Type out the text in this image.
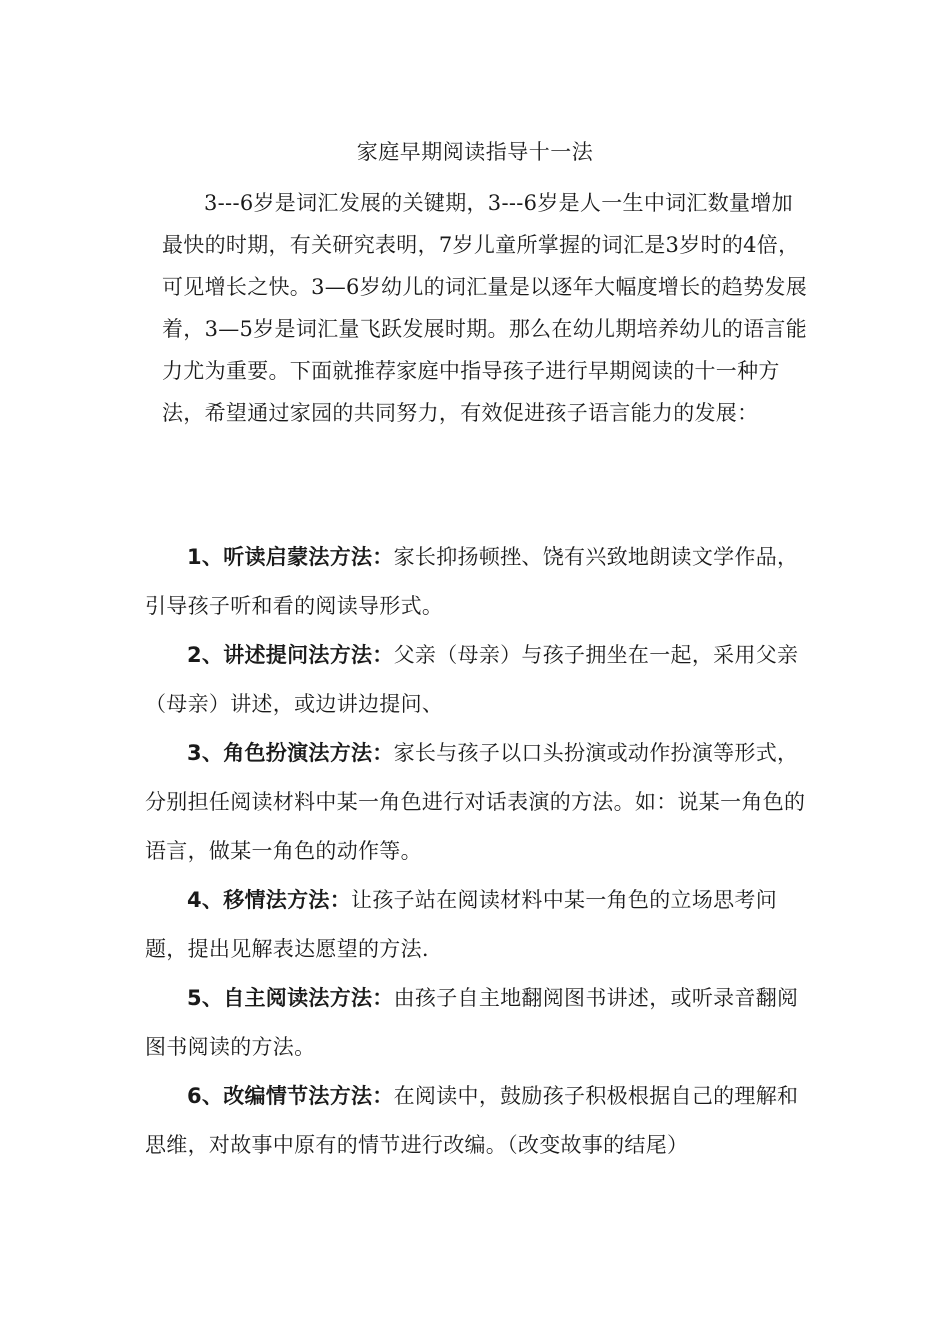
家庭早期阅读指导十一法
3---6岁是词汇发展的关键期，3---6岁是人一生中词汇数量增加最快的时期，有关研究表明，7岁儿童所掌握的词汇是3岁时的4倍，可见增长之快。3—6岁幼儿的词汇量是以逐年大幅度增长的趋势发展着，3—5岁是词汇量飞跃发展时期。那么在幼儿期培养幼儿的语言能力尤为重要。下面就推荐家庭中指导孩子进行早期阅读的十一种方法，希望通过家园的共同努力，有效促进孩子语言能力的发展：

1、听读启蒙法方法：家长抑扬顿挫、饶有兴致地朗读文学作品，引导孩子听和看的阅读导形式。

2、讲述提问法方法：父亲（母亲）与孩子拥坐在一起，采用父亲（母亲）讲述，或边讲边提问、

3、角色扮演法方法：家长与孩子以口头扮演或动作扮演等形式，分别担任阅读材料中某一角色进行对话表演的方法。如：说某一角色的语言，做某一角色的动作等。

4、移情法方法：让孩子站在阅读材料中某一角色的立场思考问题，提出见解表达愿望的方法.

5、自主阅读法方法：由孩子自主地翻阅图书讲述，或听录音翻阅图书阅读的方法。

6、改编情节法方法：在阅读中，鼓励孩子积极根据自己的理解和思维，对故事中原有的情节进行改编。（改变故事的结尾）
